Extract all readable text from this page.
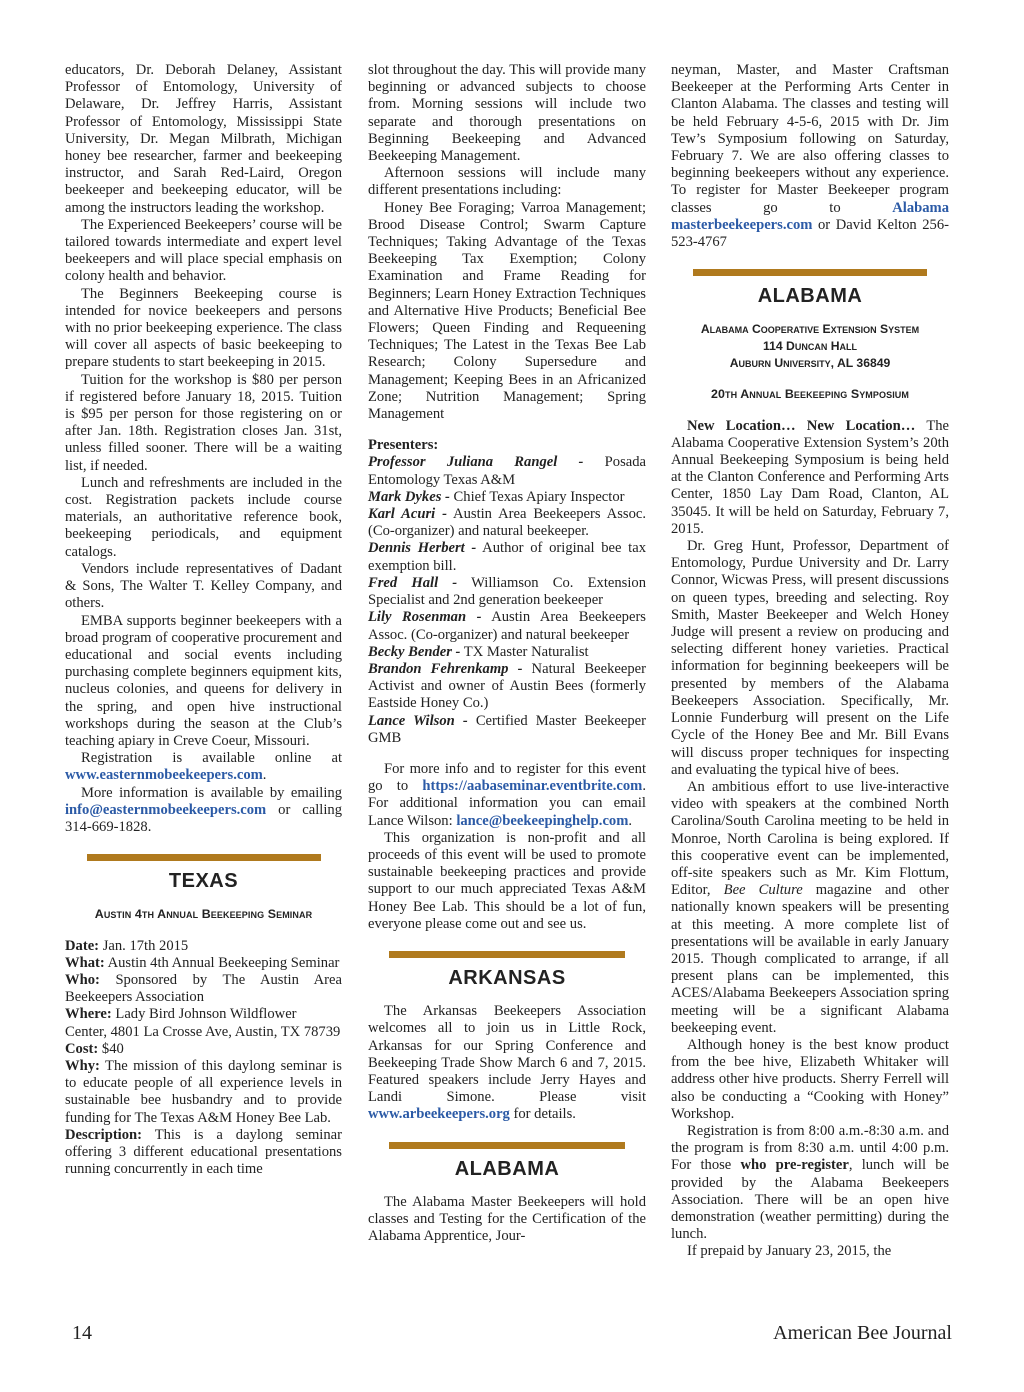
educators, Dr. Deborah Delaney, Assistant Professor of Entomology, University of Delaware, Dr. Jeffrey Harris, Assistant Professor of Entomology, Mississippi State University, Dr. Megan Milbrath, Michigan honey bee researcher, farmer and beekeeping instructor, and Sarah Red-Laird, Oregon beekeeper and beekeeping educator, will be among the instructors leading the workshop.

The Experienced Beekeepers’ course will be tailored towards intermediate and expert level beekeepers and will place special emphasis on colony health and behavior.

The Beginners Beekeeping course is intended for novice beekeepers and persons with no prior beekeeping experience. The class will cover all aspects of basic beekeeping to prepare students to start beekeeping in 2015.

Tuition for the workshop is $80 per person if registered before January 18, 2015. Tuition is $95 per person for those registering on or after Jan. 18th. Registration closes Jan. 31st, unless filled sooner. There will be a waiting list, if needed.

Lunch and refreshments are included in the cost. Registration packets include course materials, an authoritative reference book, beekeeping periodicals, and equipment catalogs.

Vendors include representatives of Dadant & Sons, The Walter T. Kelley Company, and others.

EMBA supports beginner beekeepers with a broad program of cooperative procurement and educational and social events including purchasing complete beginners equipment kits, nucleus colonies, and queens for delivery in the spring, and open hive instructional workshops during the season at the Club’s teaching apiary in Creve Coeur, Missouri.

Registration is available online at www.easternmobeekeepers.com.

More information is available by emailing info@easternmobeekeepers.com or calling 314-669-1828.

TEXAS
Austin 4th Annual Beekeeping Seminar

Date: Jan. 17th 2015

What: Austin 4th Annual Beekeeping Seminar

Who: Sponsored by The Austin Area Beekeepers Association

Where: Lady Bird Johnson Wildflower Center, 4801 La Crosse Ave, Austin, TX 78739

Cost: $40

Why: The mission of this daylong seminar is to educate people of all experience levels in sustainable bee husbandry and to provide funding for The Texas A&M Honey Bee Lab.

Description: This is a daylong seminar offering 3 different educational presentations running concurrently in each time

slot throughout the day. This will provide many beginning or advanced subjects to choose from. Morning sessions will include two separate and thorough presentations on Beginning Beekeeping and Advanced Beekeeping Management.

Afternoon sessions will include many different presentations including:

Honey Bee Foraging; Varroa Management; Brood Disease Control; Swarm Capture Techniques; Taking Advantage of the Texas Beekeeping Tax Exemption; Colony Examination and Frame Reading for Beginners; Learn Honey Extraction Techniques and Alternative Hive Products; Beneficial Bee Flowers; Queen Finding and Requeening Techniques; The Latest in the Texas Bee Lab Research; Colony Supersedure and Management; Keeping Bees in an Africanized Zone; Nutrition Management; Spring Management

Presenters:

Professor Juliana Rangel - Posada Entomology Texas A&M

Mark Dykes - Chief Texas Apiary Inspector

Karl Acuri - Austin Area Beekeepers Assoc. (Co-organizer) and natural beekeeper.

Dennis Herbert - Author of original bee tax exemption bill.

Fred Hall - Williamson Co. Extension Specialist and 2nd generation beekeeper

Lily Rosenman - Austin Area Beekeepers Assoc. (Co-organizer) and natural beekeeper

Becky Bender - TX Master Naturalist

Brandon Fehrenkamp - Natural Beekeeper Activist and owner of Austin Bees (formerly Eastside Honey Co.)

Lance Wilson - Certified Master Beekeeper GMB

For more info and to register for this event go to https://aabaseminar.eventbrite.com. For additional information you can email Lance Wilson: lance@beekeepinghelp.com.

This organization is non-profit and all proceeds of this event will be used to promote sustainable beekeeping practices and provide support to our much appreciated Texas A&M Honey Bee Lab. This should be a lot of fun, everyone please come out and see us.

ARKANSAS

The Arkansas Beekeepers Association welcomes all to join us in Little Rock, Arkansas for our Spring Conference and Beekeeping Trade Show March 6 and 7, 2015. Featured speakers include Jerry Hayes and Landi Simone. Please visit www.arbeekeepers.org for details.

ALABAMA

The Alabama Master Beekeepers will hold classes and Testing for the Certification of the Alabama Apprentice, Jour-

neyman, Master, and Master Craftsman Beekeeper at the Performing Arts Center in Clanton Alabama. The classes and testing will be held February 4-5-6, 2015 with Dr. Jim Tew’s Symposium following on Saturday, February 7. We are also offering classes to beginning beekeepers without any experience. To register for Master Beekeeper program classes go to Alabama masterbeekeepers.com or David Kelton 256-523-4767

ALABAMA
Alabama Cooperative Extension System
114 Duncan Hall
Auburn University, AL 36849
20th Annual Beekeeping Symposium

New Location… New Location… The Alabama Cooperative Extension System’s 20th Annual Beekeeping Symposium is being held at the Clanton Conference and Performing Arts Center, 1850 Lay Dam Road, Clanton, AL 35045. It will be held on Saturday, February 7, 2015.

Dr. Greg Hunt, Professor, Department of Entomology, Purdue University and Dr. Larry Connor, Wicwas Press, will present discussions on queen types, breeding and selecting. Roy Smith, Master Beekeeper and Welch Honey Judge will present a review on producing and selecting different honey varieties. Practical information for beginning beekeepers will be presented by members of the Alabama Beekeepers Association. Specifically, Mr. Lonnie Funderburg will present on the Life Cycle of the Honey Bee and Mr. Bill Evans will discuss proper techniques for inspecting and evaluating the typical hive of bees.

An ambitious effort to use live-interactive video with speakers at the combined North Carolina/South Carolina meeting to be held in Monroe, North Carolina is being explored. If this cooperative event can be implemented, off-site speakers such as Mr. Kim Flottum, Editor, Bee Culture magazine and other nationally known speakers will be presenting at this meeting. A more complete list of presentations will be available in early January 2015. Though complicated to arrange, if all present plans can be implemented, this ACES/Alabama Beekeepers Association spring meeting will be a significant Alabama beekeeping event.

Although honey is the best know product from the bee hive, Elizabeth Whitaker will address other hive products. Sherry Ferrell will also be conducting a “Cooking with Honey” Workshop.

Registration is from 8:00 a.m.-8:30 a.m. and the program is from 8:30 a.m. until 4:00 p.m. For those who pre-register, lunch will be provided by the Alabama Beekeepers Association. There will be an open hive demonstration (weather permitting) during the lunch.

If prepaid by January 23, 2015, the

14	American Bee Journal
